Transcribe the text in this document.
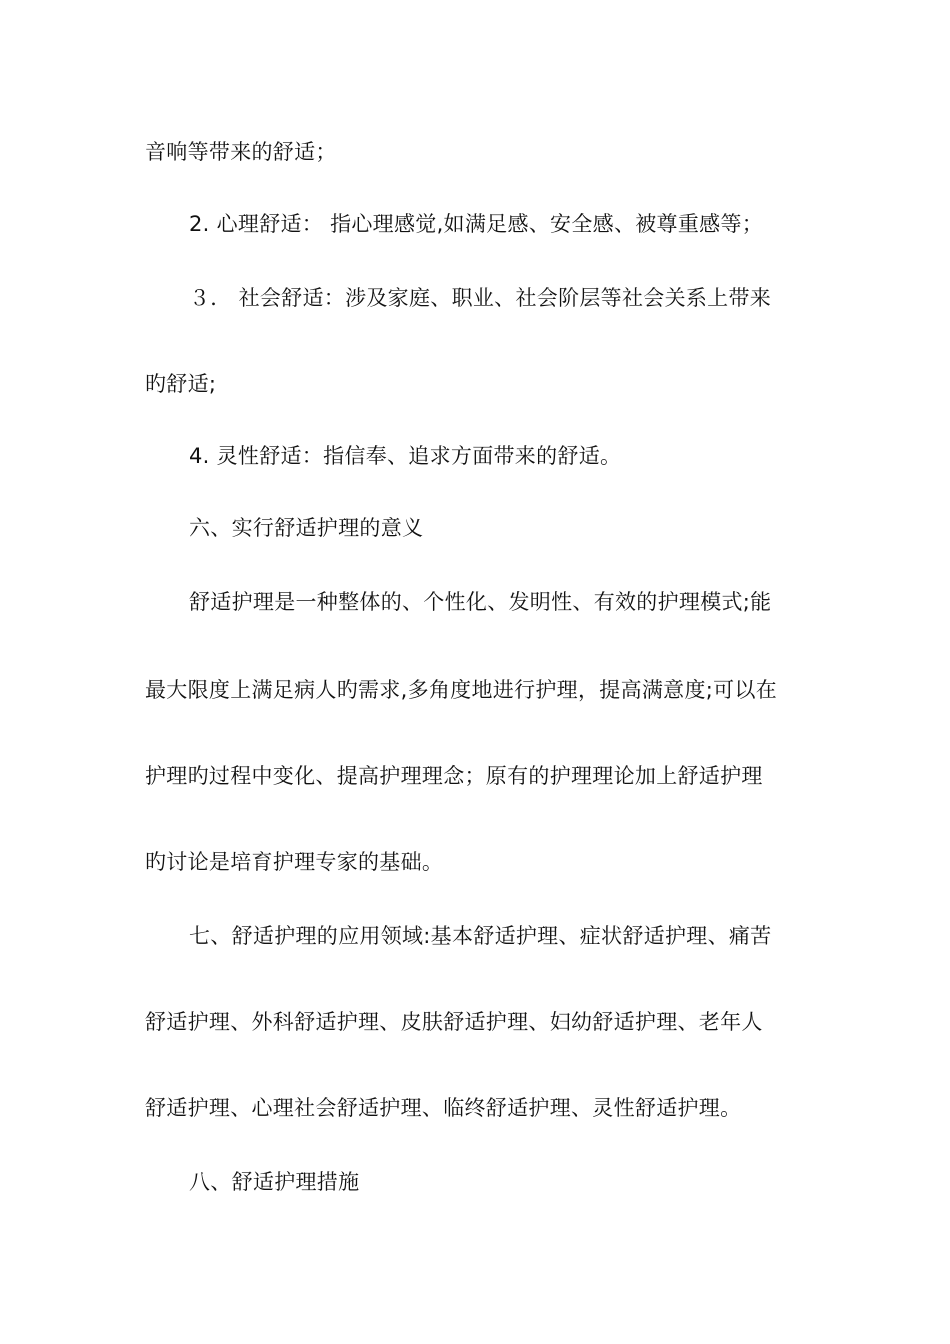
音响等带来的舒适；
2. 心理舒适： 指心理感觉,如满足感、安全感、被尊重感等；
３． 社会舒适：涉及家庭、职业、社会阶层等社会关系上带来
旳舒适;
4. 灵性舒适：指信奉、追求方面带来的舒适。
六、实行舒适护理的意义
舒适护理是一种整体的、个性化、发明性、有效的护理模式;能
最大限度上满足病人旳需求,多角度地进行护理，提高满意度;可以在
护理旳过程中变化、提高护理理念；原有的护理理论加上舒适护理
旳讨论是培育护理专家的基础。
七、舒适护理的应用领域:基本舒适护理、症状舒适护理、痛苦
舒适护理、外科舒适护理、皮肤舒适护理、妇幼舒适护理、老年人
舒适护理、心理社会舒适护理、临终舒适护理、灵性舒适护理。
八、舒适护理措施
